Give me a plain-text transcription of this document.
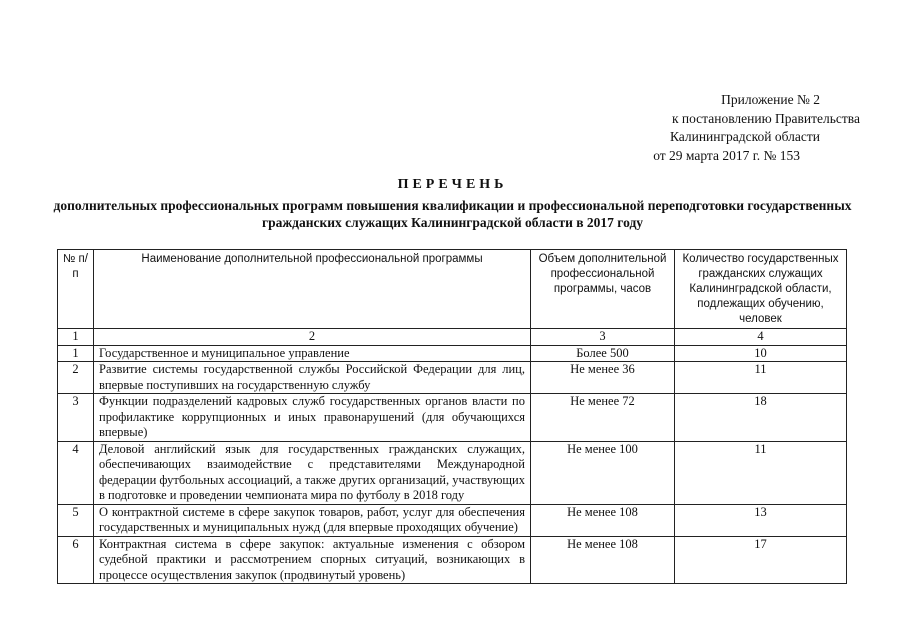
Приложение № 2
к постановлению Правительства
Калининградской области
от 29 марта 2017 г. № 153
ПЕРЕЧЕНЬ
дополнительных профессиональных программ повышения квалификации и профессиональной переподготовки государственных гражданских служащих Калининградской области в 2017 году
№ п/п	Наименование дополнительной профессиональной программы	Объем дополнительной профессиональной программы, часов	Количество государственных гражданских служащих Калининградской области, подлежащих обучению, человек
1	2	3	4
1	Государственное и муниципальное управление	Более 500	10
2	Развитие системы государственной службы Российской Федерации для лиц, впервые поступивших на государственную службу	Не менее 36	11
3	Функции подразделений кадровых служб государственных органов власти по профилактике коррупционных и иных правонарушений (для обучающихся впервые)	Не менее 72	18
4	Деловой английский язык для государственных гражданских служащих, обеспечивающих взаимодействие с представителями Международной федерации футбольных ассоциаций, а также других организаций, участвующих в подготовке и проведении чемпионата мира по футболу в 2018 году	Не менее 100	11
5	О контрактной системе в сфере закупок товаров, работ, услуг для обеспечения государственных и муниципальных нужд (для впервые проходящих обучение)	Не менее 108	13
6	Контрактная система в сфере закупок: актуальные изменения с обзором судебной практики и рассмотрением спорных ситуаций, возникающих в процессе осуществления закупок (продвинутый уровень)	Не менее 108	17
